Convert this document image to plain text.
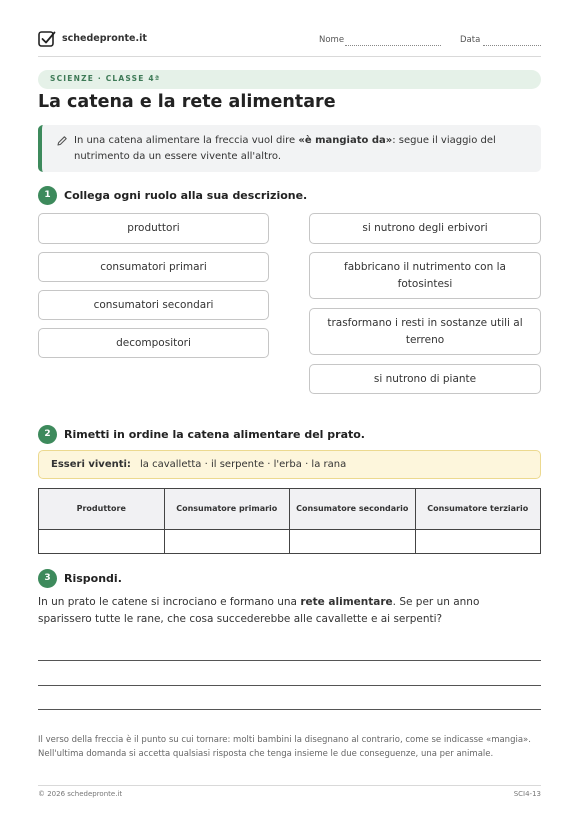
schedepronte.it	Nome	Data
SCIENZE · CLASSE 4ª
La catena e la rete alimentare

In una catena alimentare la freccia vuol dire «è mangiato da»: segue il viaggio del nutrimento da un essere vivente all'altro.

1	Collega ogni ruolo alla sua descrizione.
produttori
consumatori primari
consumatori secondari
decompositori
si nutrono degli erbivori
fabbricano il nutrimento con la fotosintesi
trasformano i resti in sostanze utili al terreno
si nutrono di piante
2	Rimetti in ordine la catena alimentare del prato.
Esseri viventi: la cavalletta · il serpente · l'erba · la rana
Produttore	Consumatore primario	Consumatore secondario	Consumatore terziario

3	Rispondi.

In un prato le catene si incrociano e formano una rete alimentare. Se per un anno sparissero tutte le rane, che cosa succederebbe alle cavallette e ai serpenti?

Il verso della freccia è il punto su cui tornare: molti bambini la disegnano al contrario, come se indicasse «mangia». Nell'ultima domanda si accetta qualsiasi risposta che tenga insieme le due conseguenze, una per animale.

© 2026 schedepronte.it	SCI4-13
